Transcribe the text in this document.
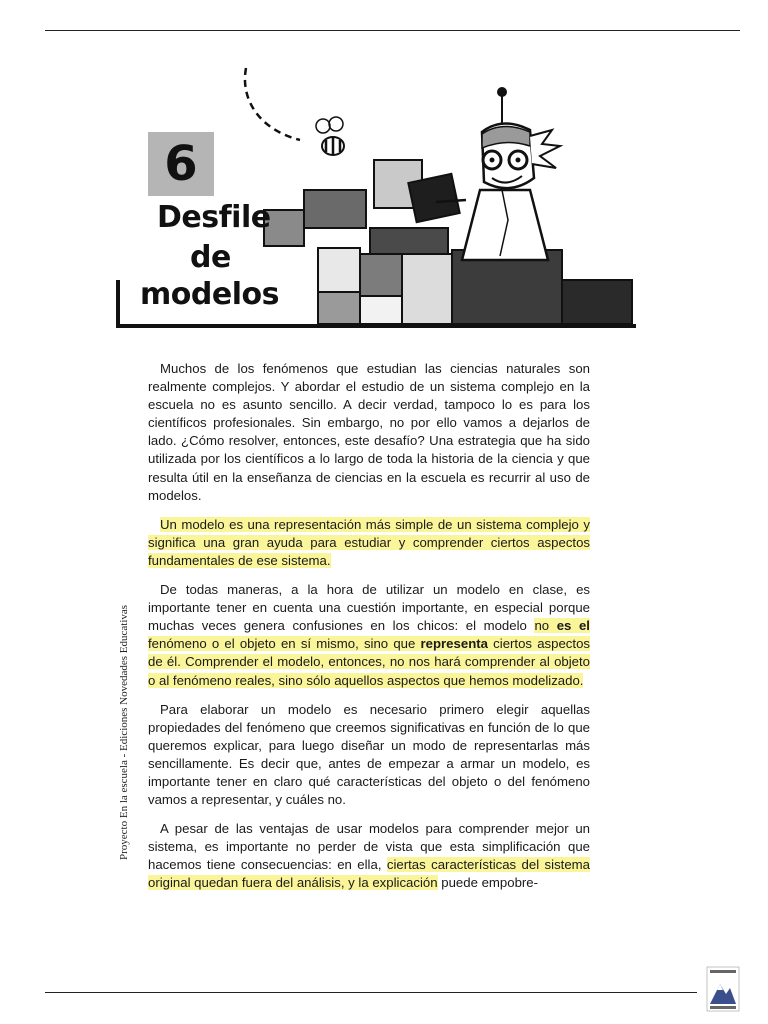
6
Desfile
de
modelos

Muchos de los fenómenos que estudian las ciencias naturales son realmente complejos. Y abordar el estudio de un sistema complejo en la escuela no es asunto sencillo. A decir verdad, tampoco lo es para los científicos profesionales. Sin embargo, no por ello vamos a dejarlos de lado. ¿Cómo resolver, entonces, este desafío? Una estrategia que ha sido utilizada por los científicos a lo largo de toda la historia de la ciencia y que resulta útil en la enseñanza de ciencias en la escuela es recurrir al uso de modelos.

Un modelo es una representación más simple de un sistema complejo y significa una gran ayuda para estudiar y comprender ciertos aspectos fundamentales de ese sistema.

De todas maneras, a la hora de utilizar un modelo en clase, es importante tener en cuenta una cuestión importante, en especial porque muchas veces genera confusiones en los chicos: el modelo no es el fenómeno o el objeto en sí mismo, sino que representa ciertos aspectos de él. Comprender el modelo, entonces, no nos hará comprender al objeto o al fenómeno reales, sino sólo aquellos aspectos que hemos modelizado.

Para elaborar un modelo es necesario primero elegir aquellas propiedades del fenómeno que creemos significativas en función de lo que queremos explicar, para luego diseñar un modo de representarlas más sencillamente. Es decir que, antes de empezar a armar un modelo, es importante tener en claro qué características del objeto o del fenómeno vamos a representar, y cuáles no.

A pesar de las ventajas de usar modelos para comprender mejor un sistema, es importante no perder de vista que esta simplificación que hacemos tiene consecuencias: en ella, ciertas características del sistema original quedan fuera del análisis, y la explicación puede empobre-

Proyecto En la escuela - Ediciones Novedades Educativas
